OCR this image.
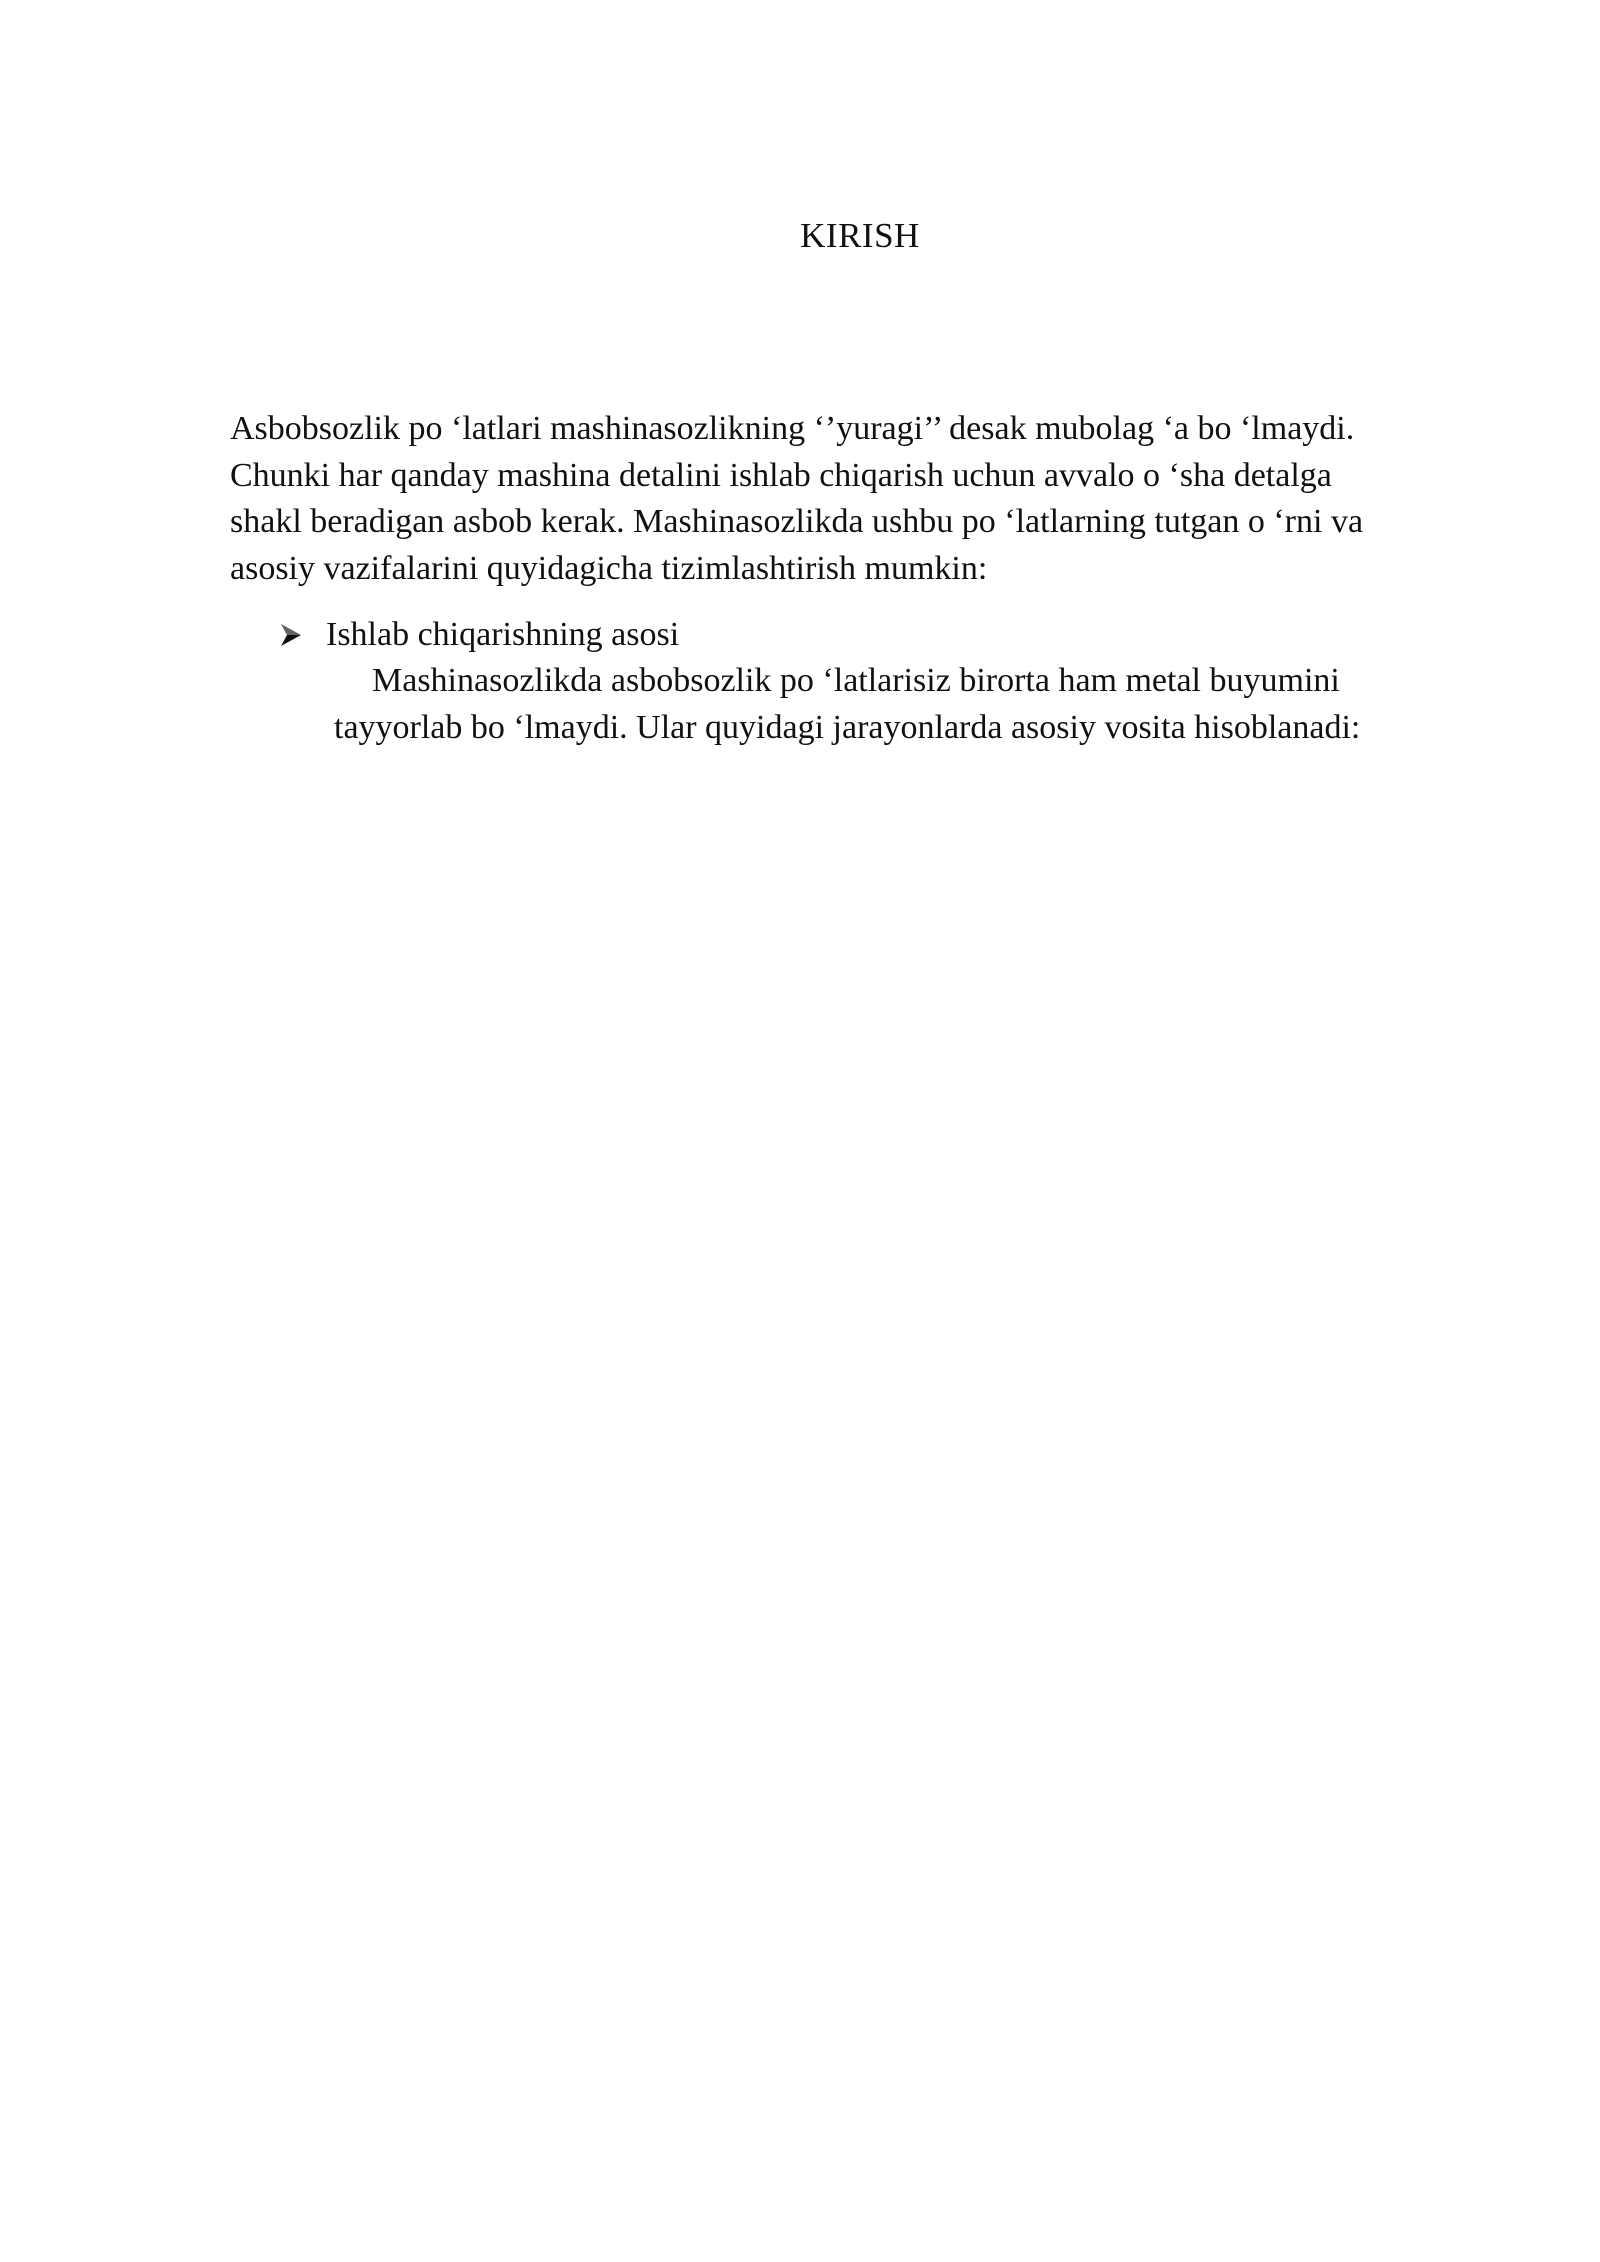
KIRISH

Asbobsozlik po ‘latlari mashinasozlikning ‘’yuragi’’ desak mubolag ‘a bo ‘lmaydi.
Chunki har qanday mashina detalini ishlab chiqarish uchun avvalo o ‘sha detalga
shakl beradigan asbob kerak. Mashinasozlikda ushbu po ‘latlarning tutgan o ‘rni va
asosiy vazifalarini quyidagicha tizimlashtirish mumkin:

Ishlab chiqarishning asosi

Mashinasozlikda asbobsozlik po ‘latlarisiz birorta ham metal buyumini
tayyorlab bo ‘lmaydi. Ular quyidagi jarayonlarda asosiy vosita hisoblanadi:
